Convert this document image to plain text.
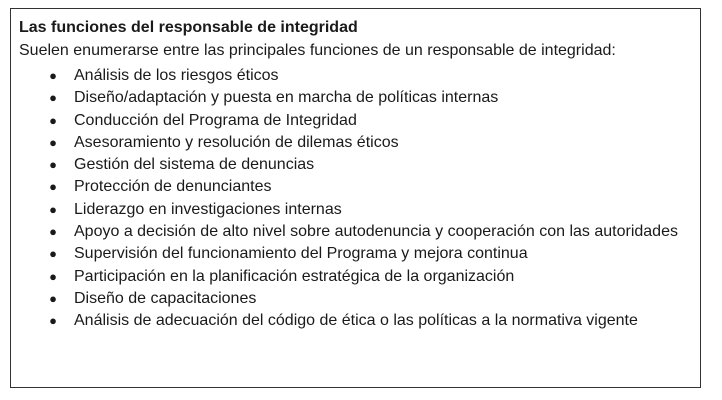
Las funciones del responsable de integridad
Suelen enumerarse entre las principales funciones de un responsable de integridad:
● Análisis de los riesgos éticos
● Diseño/adaptación y puesta en marcha de políticas internas
● Conducción del Programa de Integridad
● Asesoramiento y resolución de dilemas éticos
● Gestión del sistema de denuncias
● Protección de denunciantes
● Liderazgo en investigaciones internas
● Apoyo a decisión de alto nivel sobre autodenuncia y cooperación con las autoridades
● Supervisión del funcionamiento del Programa y mejora continua
● Participación en la planificación estratégica de la organización
● Diseño de capacitaciones
● Análisis de adecuación del código de ética o las políticas a la normativa vigente
